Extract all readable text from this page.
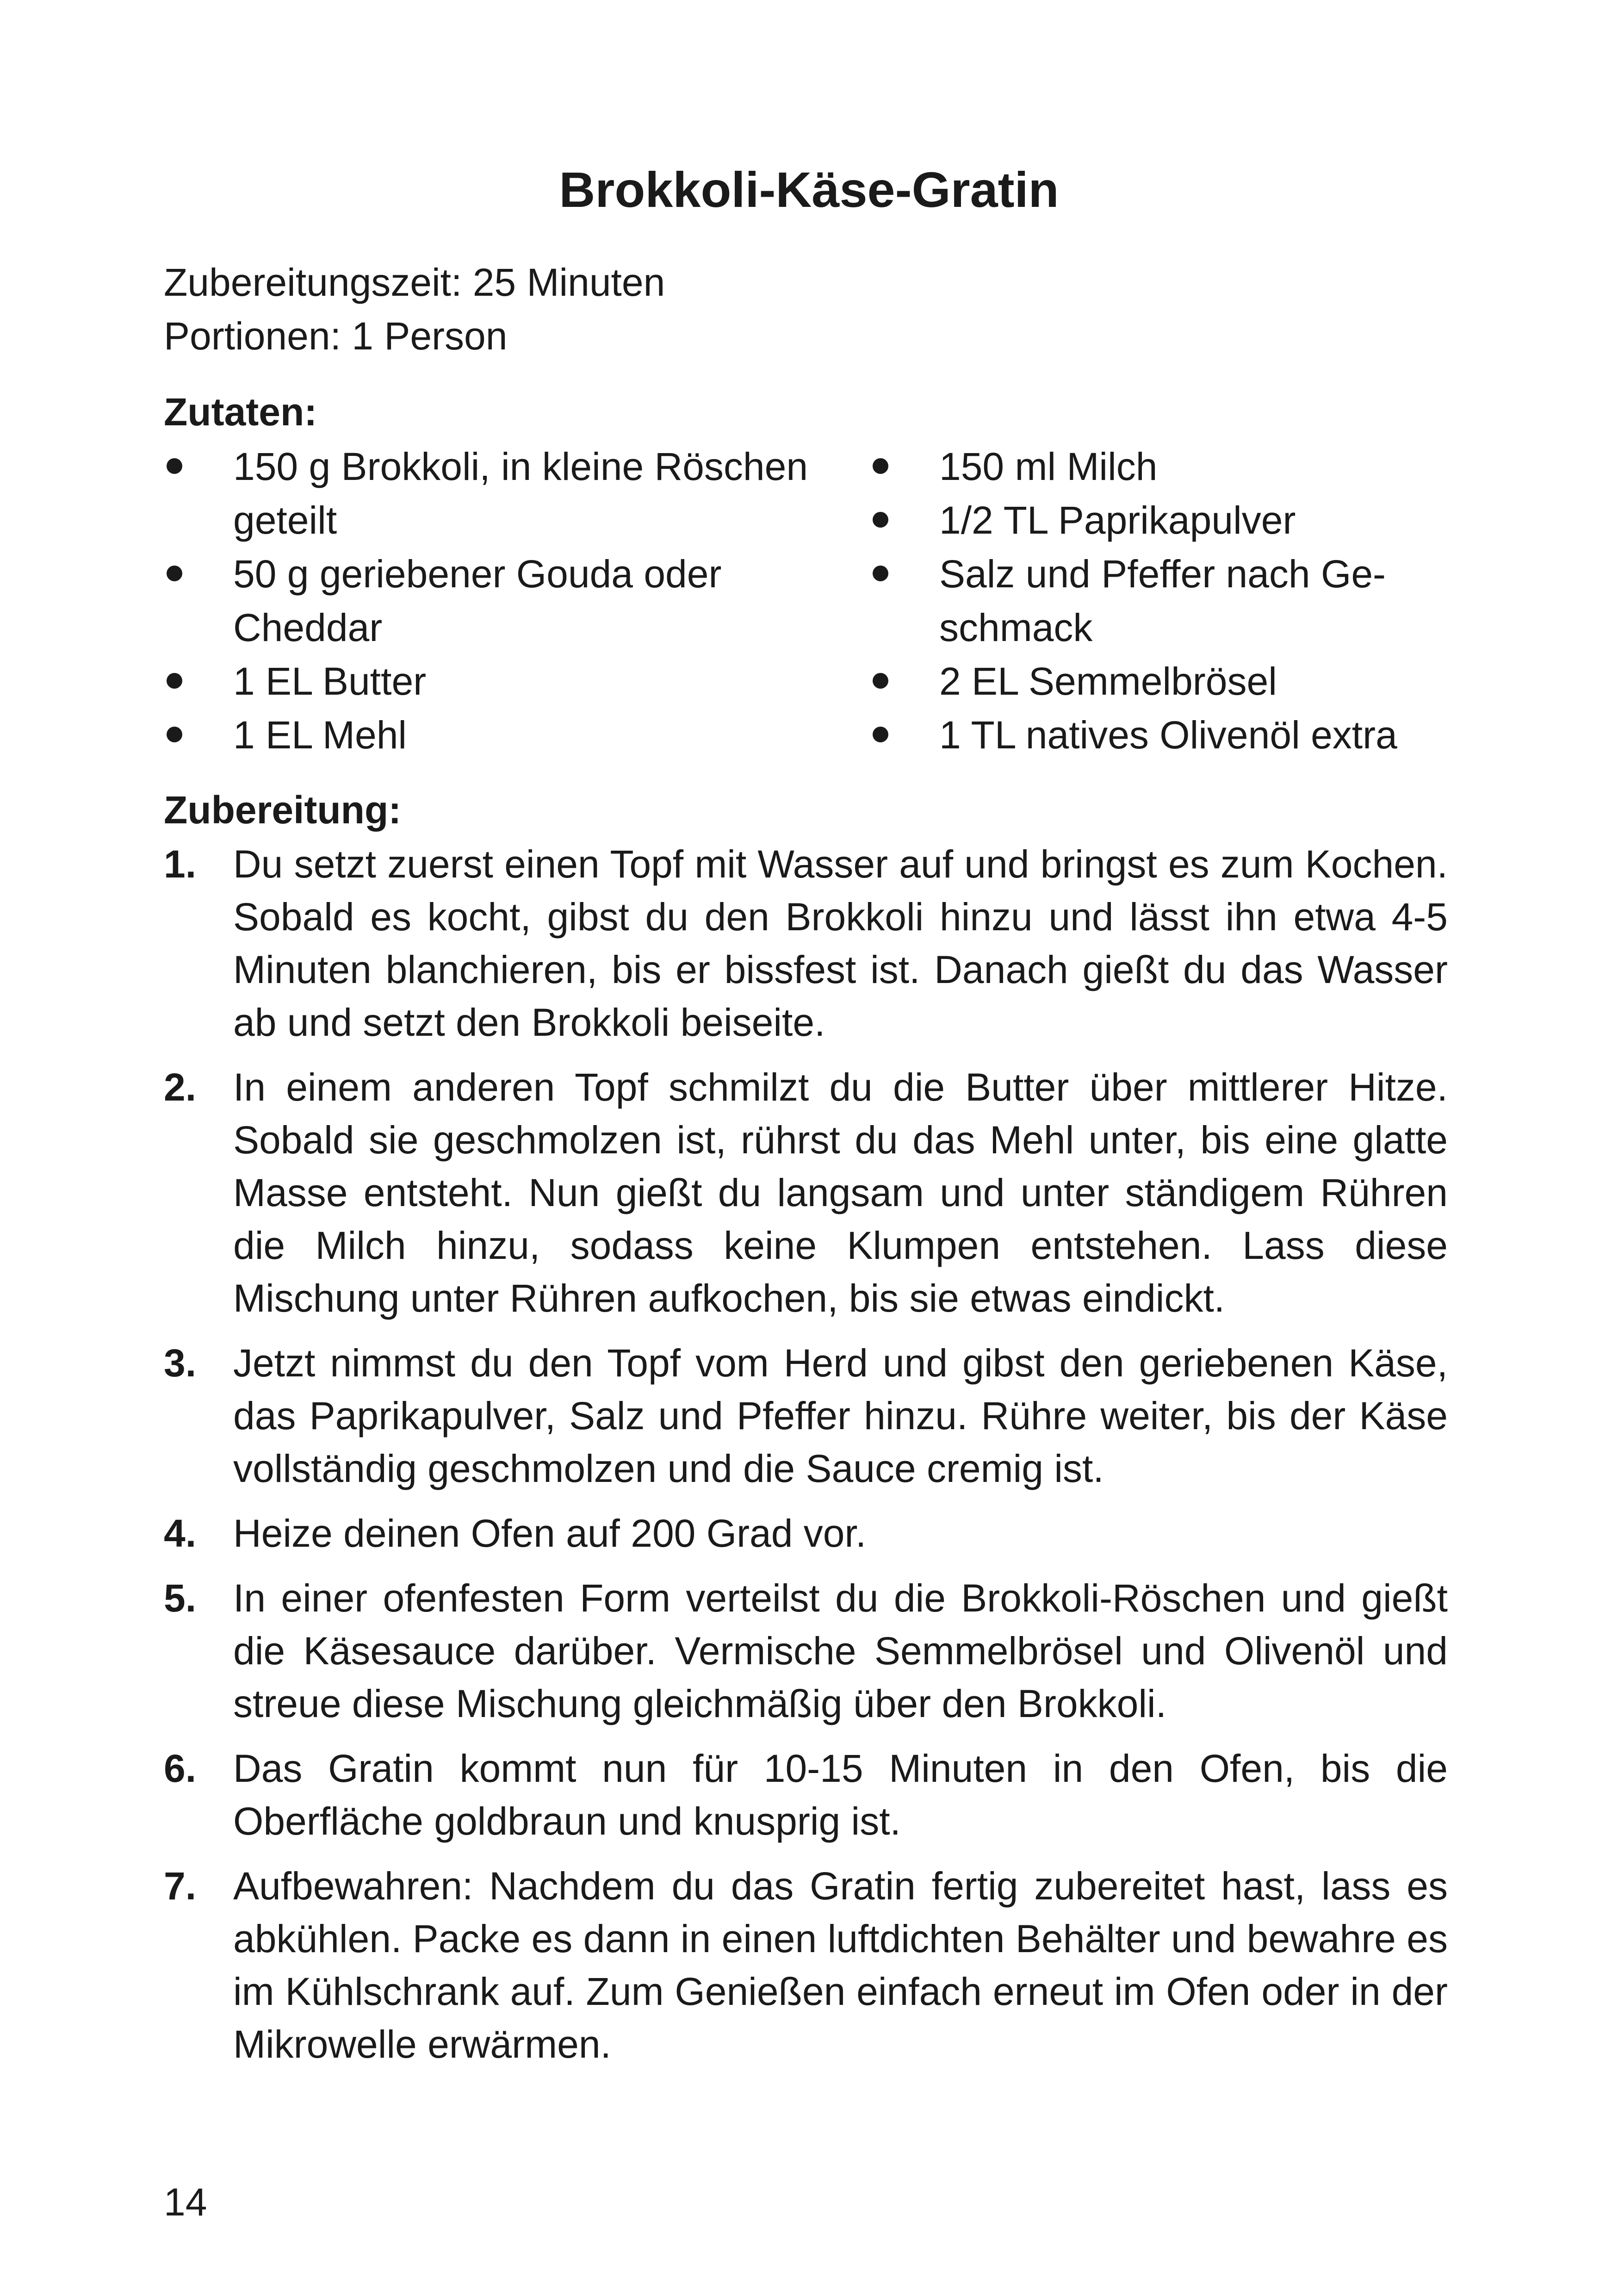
Brokkoli-Käse-Gratin
Zubereitungszeit: 25 Minuten
Portionen: 1 Person
Zutaten:
150 g Brokkoli, in kleine Röschen geteilt
50 g geriebener Gouda oder Cheddar
1 EL Butter
1 EL Mehl
150 ml Milch
1/2 TL Paprikapulver
Salz und Pfeffer nach Ge-schmack
2 EL Semmelbrösel
1 TL natives Olivenöl extra
Zubereitung:
1. Du setzt zuerst einen Topf mit Wasser auf und bringst es zum Kochen. Sobald es kocht, gibst du den Brokkoli hinzu und lässt ihn etwa 4-5 Minuten blanchieren, bis er bissfest ist. Danach gießt du das Wasser ab und setzt den Brokkoli beiseite.
2. In einem anderen Topf schmilzt du die Butter über mittlerer Hitze. Sobald sie geschmolzen ist, rührst du das Mehl unter, bis eine glatte Masse entsteht. Nun gießt du langsam und unter ständigem Rühren die Milch hinzu, sodass keine Klumpen entstehen. Lass diese Mischung unter Rühren aufkochen, bis sie etwas eindickt.
3. Jetzt nimmst du den Topf vom Herd und gibst den geriebenen Käse, das Paprikapulver, Salz und Pfeffer hinzu. Rühre weiter, bis der Käse vollständig geschmolzen und die Sauce cremig ist.
4. Heize deinen Ofen auf 200 Grad vor.
5. In einer ofenfesten Form verteilst du die Brokkoli-Röschen und gießt die Käsesauce darüber. Vermische Semmelbrösel und Olivenöl und streue diese Mischung gleichmäßig über den Brokkoli.
6. Das Gratin kommt nun für 10-15 Minuten in den Ofen, bis die Oberfläche goldbraun und knusprig ist.
7. Aufbewahren: Nachdem du das Gratin fertig zubereitet hast, lass es abkühlen. Packe es dann in einen luftdichten Behälter und bewahre es im Kühlschrank auf. Zum Genießen einfach erneut im Ofen oder in der Mikrowelle erwärmen.
14
